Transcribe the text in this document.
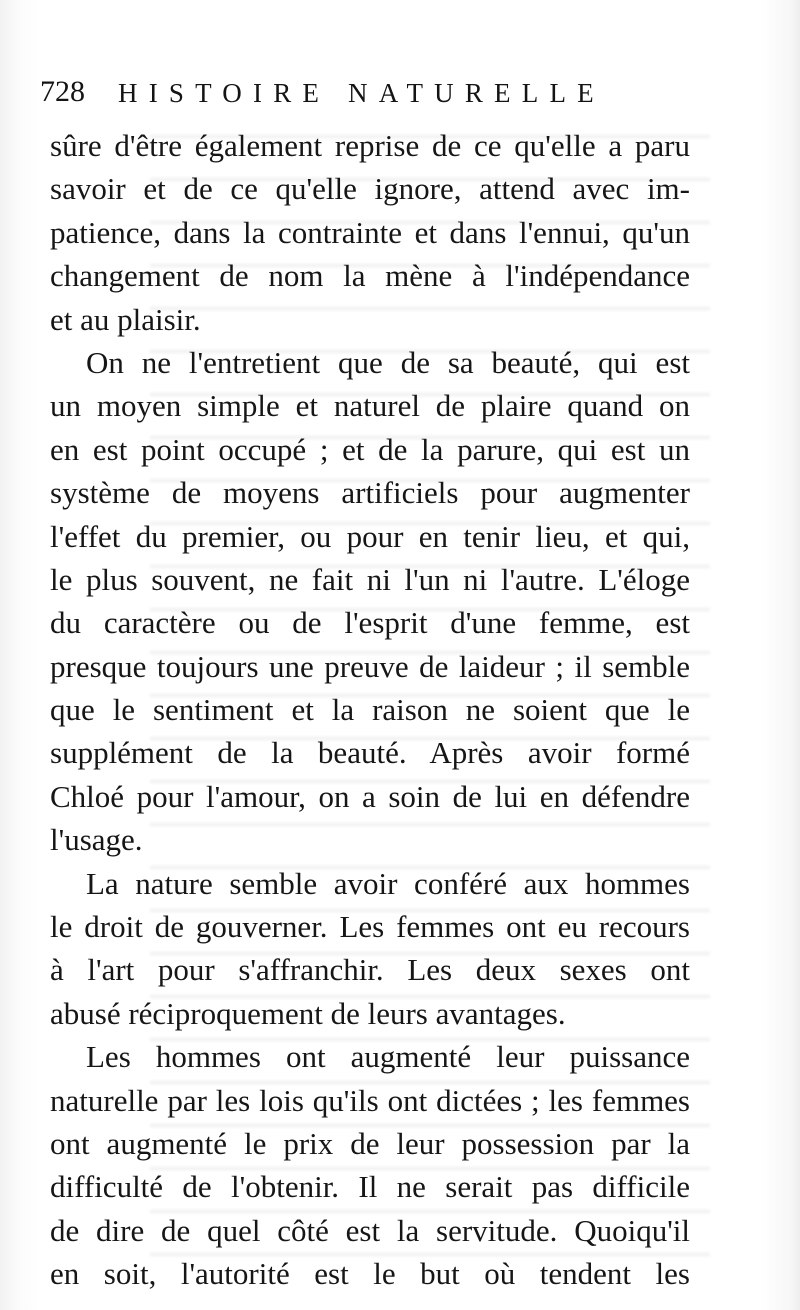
728 HISTOIRE NATURELLE
sûre d'être également reprise de ce qu'elle a paru
savoir et de ce qu'elle ignore, attend avec im-
patience, dans la contrainte et dans l'ennui, qu'un
changement de nom la mène à l'indépendance
et au plaisir.
On ne l'entretient que de sa beauté, qui est
un moyen simple et naturel de plaire quand on
en est point occupé ; et de la parure, qui est un
système de moyens artificiels pour augmenter
l'effet du premier, ou pour en tenir lieu, et qui,
le plus souvent, ne fait ni l'un ni l'autre. L'éloge
du caractère ou de l'esprit d'une femme, est
presque toujours une preuve de laideur ; il semble
que le sentiment et la raison ne soient que le
supplément de la beauté. Après avoir formé
Chloé pour l'amour, on a soin de lui en défendre
l'usage.
La nature semble avoir conféré aux hommes
le droit de gouverner. Les femmes ont eu recours
à l'art pour s'affranchir. Les deux sexes ont
abusé réciproquement de leurs avantages.
Les hommes ont augmenté leur puissance
naturelle par les lois qu'ils ont dictées ; les femmes
ont augmenté le prix de leur possession par la
difficulté de l'obtenir. Il ne serait pas difficile
de dire de quel côté est la servitude. Quoiqu'il
en soit, l'autorité est le but où tendent les
